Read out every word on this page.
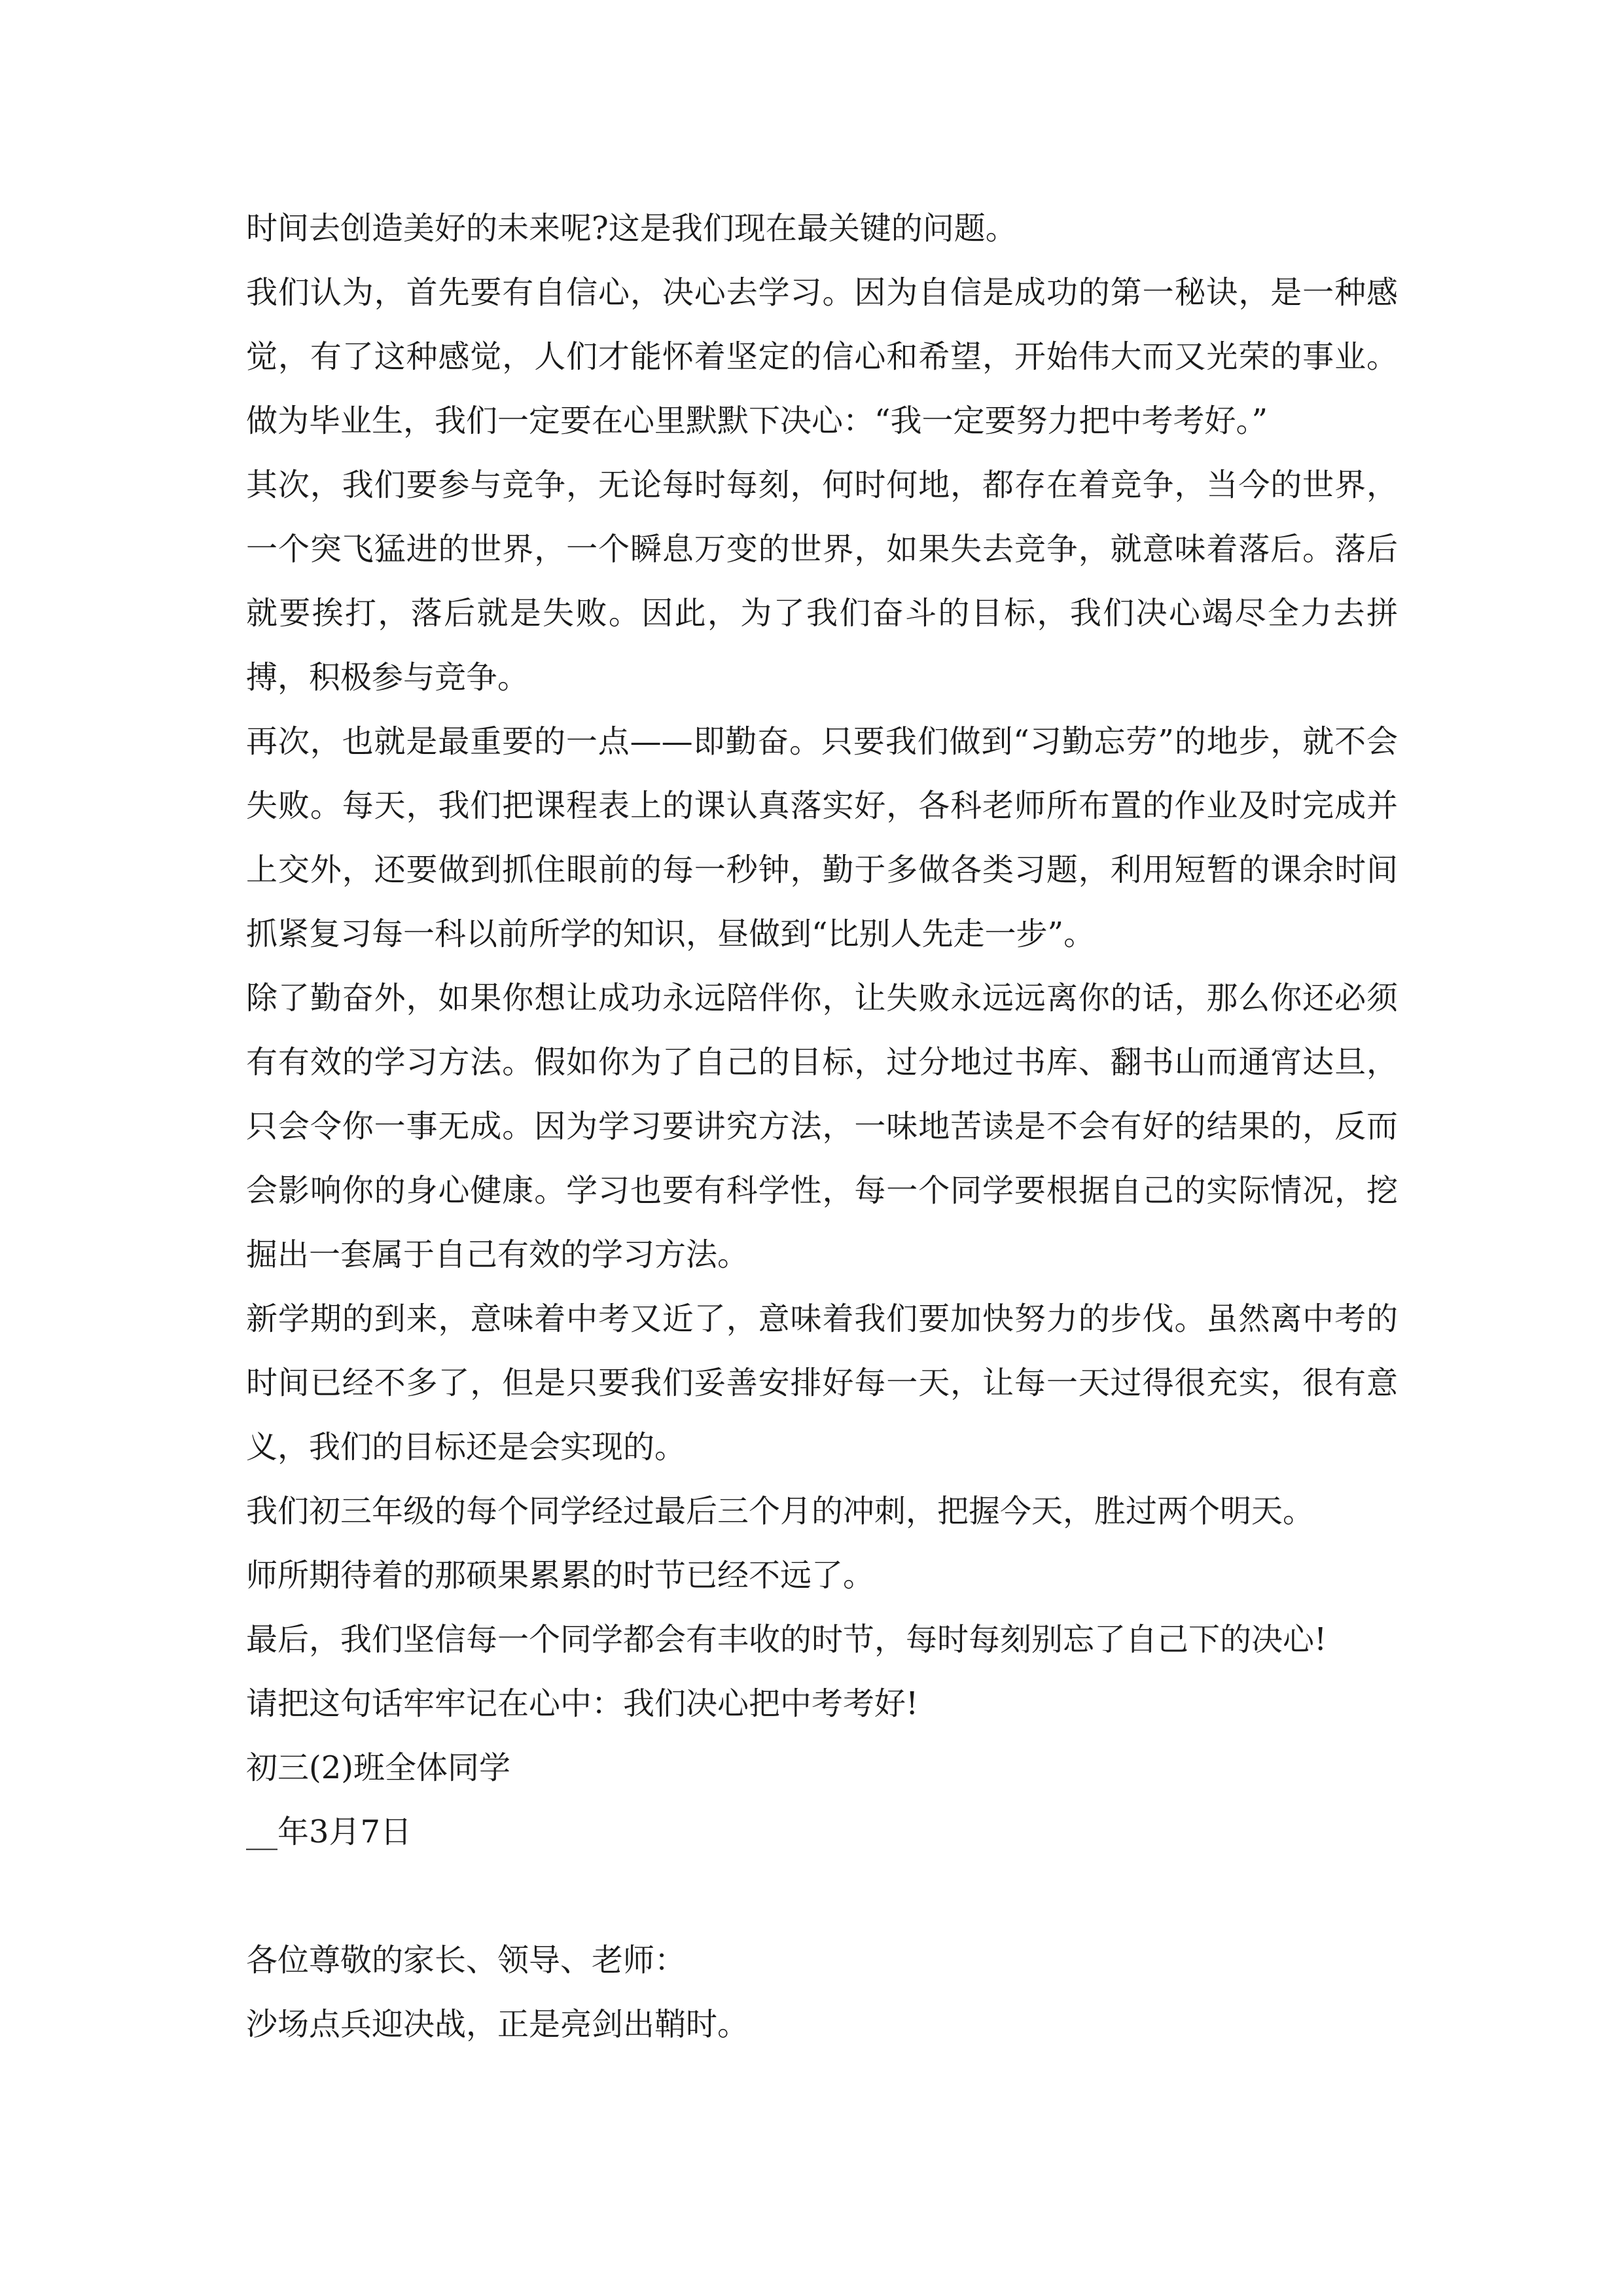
时间去创造美好的未来呢?这是我们现在最关键的问题。

我们认为，首先要有自信心，决心去学习。因为自信是成功的第一秘诀，是一种感觉，有了这种感觉，人们才能怀着坚定的信心和希望，开始伟大而又光荣的事业。做为毕业生，我们一定要在心里默默下决心：“我一定要努力把中考考好。”

其次，我们要参与竞争，无论每时每刻，何时何地，都存在着竞争，当今的世界，一个突飞猛进的世界，一个瞬息万变的世界，如果失去竞争，就意味着落后。落后就要挨打，落后就是失败。因此，为了我们奋斗的目标，我们决心竭尽全力去拼搏，积极参与竞争。

再次，也就是最重要的一点——即勤奋。只要我们做到“习勤忘劳”的地步，就不会失败。每天，我们把课程表上的课认真落实好，各科老师所布置的作业及时完成并上交外，还要做到抓住眼前的每一秒钟，勤于多做各类习题，利用短暂的课余时间抓紧复习每一科以前所学的知识，昼做到“比别人先走一步”。

除了勤奋外，如果你想让成功永远陪伴你，让失败永远远离你的话，那么你还必须有有效的学习方法。假如你为了自己的目标，过分地过书库、翻书山而通宵达旦，只会令你一事无成。因为学习要讲究方法，一味地苦读是不会有好的结果的，反而会影响你的身心健康。学习也要有科学性，每一个同学要根据自己的实际情况，挖掘出一套属于自己有效的学习方法。

新学期的到来，意味着中考又近了，意味着我们要加快努力的步伐。虽然离中考的时间已经不多了，但是只要我们妥善安排好每一天，让每一天过得很充实，很有意义，我们的目标还是会实现的。

我们初三年级的每个同学经过最后三个月的冲刺，把握今天，胜过两个明天。

师所期待着的那硕果累累的时节已经不远了。

最后，我们坚信每一个同学都会有丰收的时节，每时每刻别忘了自己下的决心!

请把这句话牢牢记在心中：我们决心把中考考好!

初三(2)班全体同学

__年3月7日

各位尊敬的家长、领导、老师：

沙场点兵迎决战，正是亮剑出鞘时。
